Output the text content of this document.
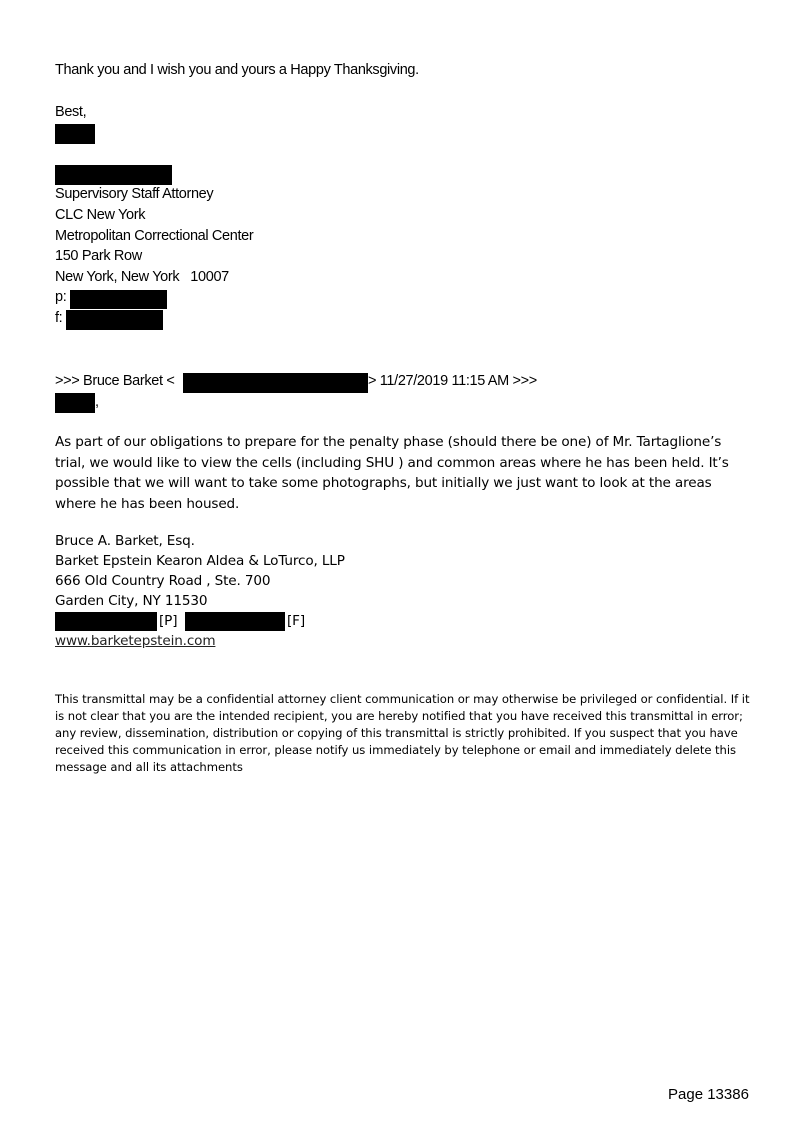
Thank you and I wish you and yours a Happy Thanksgiving.
Best,
Supervisory Staff Attorney
CLC New York
Metropolitan Correctional Center
150 Park Row
New York, New York   10007
p:
f:
>>> Bruce Barket <	> 11/27/2019 11:15 AM >>>
,
As part of our obligations to prepare for the penalty phase (should there be one) of Mr. Tartaglione’s trial, we would like to view the cells (including SHU ) and common areas where he has been held. It’s possible that we will want to take some photographs, but initially we just want to look at the areas where he has been housed.
Bruce A. Barket, Esq.
Barket Epstein Kearon Aldea & LoTurco, LLP
666 Old Country Road , Ste. 700
Garden City, NY 11530
[P]	[F]
www.barketepstein.com
This transmittal may be a confidential attorney client communication or may otherwise be privileged or confidential. If it is not clear that you are the intended recipient, you are hereby notified that you have received this transmittal in error; any review, dissemination, distribution or copying of this transmittal is strictly prohibited. If you suspect that you have received this communication in error, please notify us immediately by telephone or email and immediately delete this message and all its attachments
Page 13386
